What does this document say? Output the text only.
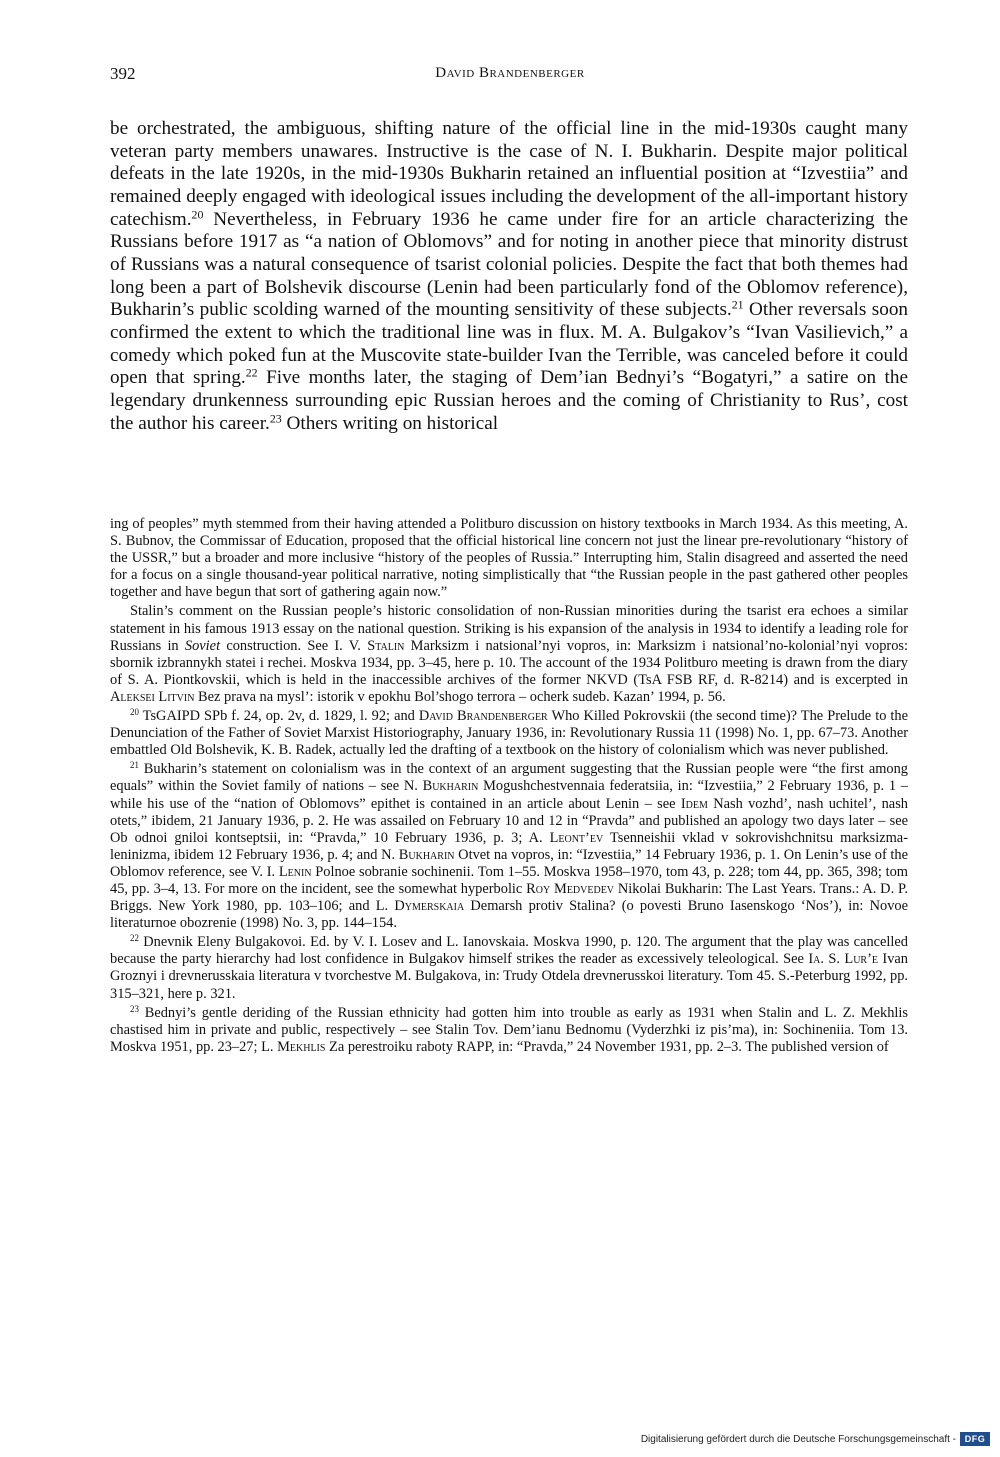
392	David Brandenberger

be orchestrated, the ambiguous, shifting nature of the official line in the mid-1930s caught many veteran party members unawares. Instructive is the case of N. I. Bukharin. Despite major political defeats in the late 1920s, in the mid-1930s Bukharin retained an influential position at “Izvestiia” and remained deeply engaged with ideological issues including the development of the all-important history catechism.$^{20}$ Nevertheless, in February 1936 he came under fire for an article characterizing the Russians before 1917 as “a nation of Oblomovs” and for noting in another piece that minority distrust of Russians was a natural consequence of tsarist colonial policies. Despite the fact that both themes had long been a part of Bolshevik discourse (Lenin had been particularly fond of the Oblomov reference), Bukharin’s public scolding warned of the mounting sensitivity of these subjects.$^{21}$ Other reversals soon confirmed the extent to which the traditional line was in flux. M. A. Bulgakov’s “Ivan Vasilievich,” a comedy which poked fun at the Muscovite state-builder Ivan the Terrible, was canceled before it could open that spring.$^{22}$ Five months later, the staging of Dem’ian Bednyi’s “Bogatyri,” a satire on the legendary drunkenness surrounding epic Russian heroes and the coming of Christianity to Rus’, cost the author his career.$^{23}$ Others writing on historical

ing of peoples” myth stemmed from their having attended a Politburo discussion on history textbooks in March 1934. As this meeting, A. S. Bubnov, the Commissar of Education, proposed that the official historical line concern not just the linear pre-revolutionary “history of the USSR,” but a broader and more inclusive “history of the peoples of Russia.” Interrupting him, Stalin disagreed and asserted the need for a focus on a single thousand-year political narrative, noting simplistically that “the Russian people in the past gathered other peoples together and have begun that sort of gathering again now.”

Stalin’s comment on the Russian people’s historic consolidation of non-Russian minorities during the tsarist era echoes a similar statement in his famous 1913 essay on the national question. Striking is his expansion of the analysis in 1934 to identify a leading role for Russians in Soviet construction. See I. V. Stalin Marksizm i natsional’nyi vopros, in: Marksizm i natsional’no-kolonial’nyi vopros: sbornik izbrannykh statei i rechei. Moskva 1934, pp. 3–45, here p. 10. The account of the 1934 Politburo meeting is drawn from the diary of S. A. Piontkovskii, which is held in the inaccessible archives of the former NKVD (TsA FSB RF, d. R-8214) and is excerpted in Aleksei Litvin Bez prava na mysl’: istorik v epokhu Bol’shogo terrora – ocherk sudeb. Kazan’ 1994, p. 56.

$^{20}$ TsGAIPD SPb f. 24, op. 2v, d. 1829, l. 92; and David Brandenberger Who Killed Pokrovskii (the second time)? The Prelude to the Denunciation of the Father of Soviet Marxist Historiography, January 1936, in: Revolutionary Russia 11 (1998) No. 1, pp. 67–73. Another embattled Old Bolshevik, K. B. Radek, actually led the drafting of a textbook on the history of colonialism which was never published.

$^{21}$ Bukharin’s statement on colonialism was in the context of an argument suggesting that the Russian people were “the first among equals” within the Soviet family of nations – see N. Bukharin Mogushchestvennaia federatsiia, in: “Izvestiia,” 2 February 1936, p. 1 – while his use of the “nation of Oblomovs” epithet is contained in an article about Lenin – see Idem Nash vozhd’, nash uchitel’, nash otets,” ibidem, 21 January 1936, p. 2. He was assailed on February 10 and 12 in “Pravda” and published an apology two days later – see Ob odnoi gniloi kontseptsii, in: “Pravda,” 10 February 1936, p. 3; A. Leont’ev Tsenneishii vklad v sokrovishchnitsu marksizma-leninizma, ibidem 12 February 1936, p. 4; and N. Bukharin Otvet na vopros, in: “Izvestiia,” 14 February 1936, p. 1. On Lenin’s use of the Oblomov reference, see V. I. Lenin Polnoe sobranie sochinenii. Tom 1–55. Moskva 1958–1970, tom 43, p. 228; tom 44, pp. 365, 398; tom 45, pp. 3–4, 13. For more on the incident, see the somewhat hyperbolic Roy Medvedev Nikolai Bukharin: The Last Years. Trans.: A. D. P. Briggs. New York 1980, pp. 103–106; and L. Dymerskaia Demarsh protiv Stalina? (o povesti Bruno Iasenskogo ‘Nos’), in: Novoe literaturnoe obozrenie (1998) No. 3, pp. 144–154.

$^{22}$ Dnevnik Eleny Bulgakovoi. Ed. by V. I. Losev and L. Ianovskaia. Moskva 1990, p. 120. The argument that the play was cancelled because the party hierarchy had lost confidence in Bulgakov himself strikes the reader as excessively teleological. See Ia. S. Lur’e Ivan Groznyi i drevnerusskaia literatura v tvorchestve M. Bulgakova, in: Trudy Otdela drevnerusskoi literatury. Tom 45. S.-Peterburg 1992, pp. 315–321, here p. 321.

$^{23}$ Bednyi’s gentle deriding of the Russian ethnicity had gotten him into trouble as early as 1931 when Stalin and L. Z. Mekhlis chastised him in private and public, respectively – see Stalin Tov. Dem’ianu Bednomu (Vyderzhki iz pis’ma), in: Sochineniia. Tom 13. Moskva 1951, pp. 23–27; L. Mekhlis Za perestroiku raboty RAPP, in: “Pravda,” 24 November 1931, pp. 2–3. The published version of

Digitalisierung gefördert durch die Deutsche Forschungsgemeinschaft - DFG
